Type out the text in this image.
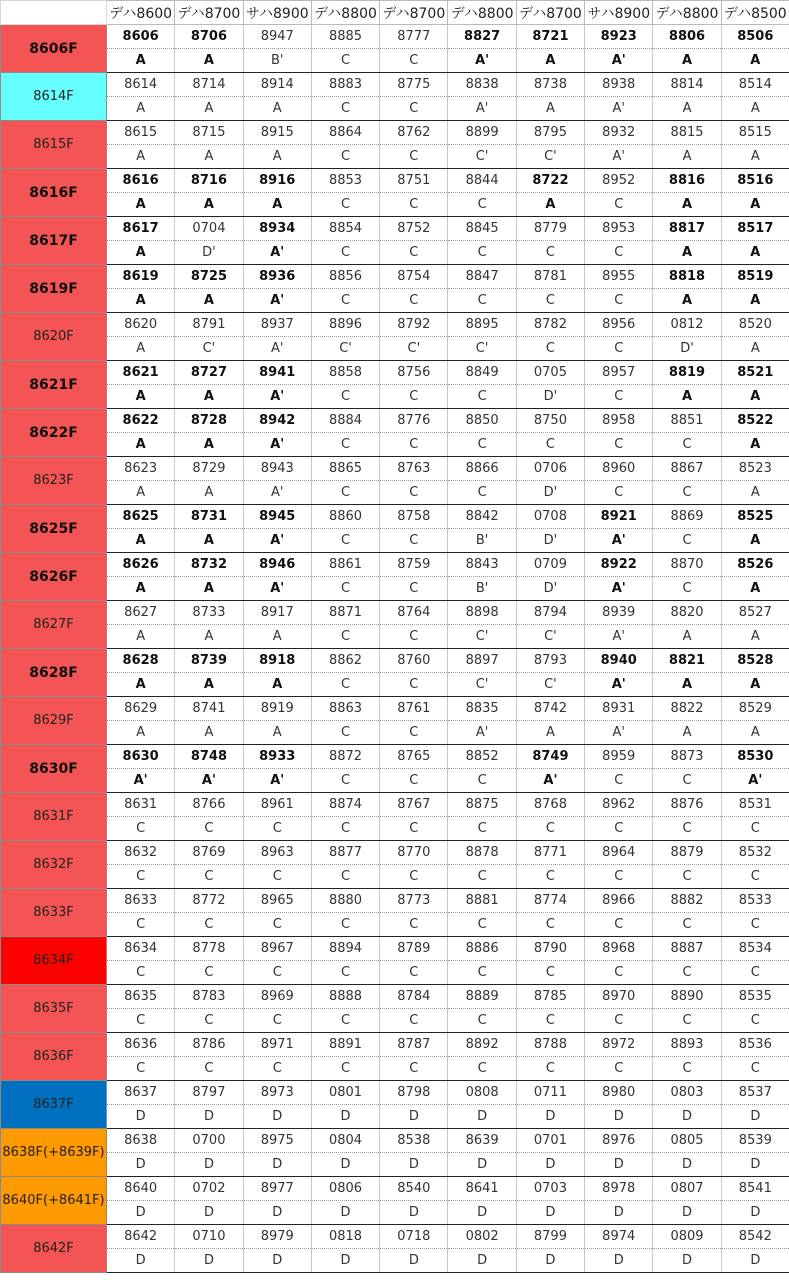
	デハ8600	デハ8700	サハ8900	デハ8800	デハ8700	デハ8800	デハ8700	サハ8900	デハ8800	デハ8500
8606F	8606	8706	8947	8885	8777	8827	8721	8923	8806	8506
	A	A	B'	C	C	A'	A	A'	A	A
8614F	8614	8714	8914	8883	8775	8838	8738	8938	8814	8514
	A	A	A	C	C	A'	A	A'	A	A
8615F	8615	8715	8915	8864	8762	8899	8795	8932	8815	8515
	A	A	A	C	C	C'	C'	A'	A	A
8616F	8616	8716	8916	8853	8751	8844	8722	8952	8816	8516
	A	A	A	C	C	C	A	C	A	A
8617F	8617	0704	8934	8854	8752	8845	8779	8953	8817	8517
	A	D'	A'	C	C	C	C	C	A	A
8619F	8619	8725	8936	8856	8754	8847	8781	8955	8818	8519
	A	A	A'	C	C	C	C	C	A	A
8620F	8620	8791	8937	8896	8792	8895	8782	8956	0812	8520
	A	C'	A'	C'	C'	C'	C	C	D'	A
8621F	8621	8727	8941	8858	8756	8849	0705	8957	8819	8521
	A	A	A'	C	C	C	D'	C	A	A
8622F	8622	8728	8942	8884	8776	8850	8750	8958	8851	8522
	A	A	A'	C	C	C	C	C	C	A
8623F	8623	8729	8943	8865	8763	8866	0706	8960	8867	8523
	A	A	A'	C	C	C	D'	C	C	A
8625F	8625	8731	8945	8860	8758	8842	0708	8921	8869	8525
	A	A	A'	C	C	B'	D'	A'	C	A
8626F	8626	8732	8946	8861	8759	8843	0709	8922	8870	8526
	A	A	A'	C	C	B'	D'	A'	C	A
8627F	8627	8733	8917	8871	8764	8898	8794	8939	8820	8527
	A	A	A	C	C	C'	C'	A'	A	A
8628F	8628	8739	8918	8862	8760	8897	8793	8940	8821	8528
	A	A	A	C	C	C'	C'	A'	A	A
8629F	8629	8741	8919	8863	8761	8835	8742	8931	8822	8529
	A	A	A	C	C	A'	A	A'	A	A
8630F	8630	8748	8933	8872	8765	8852	8749	8959	8873	8530
	A'	A'	A'	C	C	C	A'	C	C	A'
8631F	8631	8766	8961	8874	8767	8875	8768	8962	8876	8531
	C	C	C	C	C	C	C	C	C	C
8632F	8632	8769	8963	8877	8770	8878	8771	8964	8879	8532
	C	C	C	C	C	C	C	C	C	C
8633F	8633	8772	8965	8880	8773	8881	8774	8966	8882	8533
	C	C	C	C	C	C	C	C	C	C
8634F	8634	8778	8967	8894	8789	8886	8790	8968	8887	8534
	C	C	C	C	C	C	C	C	C	C
8635F	8635	8783	8969	8888	8784	8889	8785	8970	8890	8535
	C	C	C	C	C	C	C	C	C	C
8636F	8636	8786	8971	8891	8787	8892	8788	8972	8893	8536
	C	C	C	C	C	C	C	C	C	C
8637F	8637	8797	8973	0801	8798	0808	0711	8980	0803	8537
	D	D	D	D	D	D	D	D	D	D
8638F(+8639F)	8638	0700	8975	0804	8538	8639	0701	8976	0805	8539
	D	D	D	D	D	D	D	D	D	D
8640F(+8641F)	8640	0702	8977	0806	8540	8641	0703	8978	0807	8541
	D	D	D	D	D	D	D	D	D	D
8642F	8642	0710	8979	0818	0718	0802	8799	8974	0809	8542
	D	D	D	D	D	D	D	D	D	D
